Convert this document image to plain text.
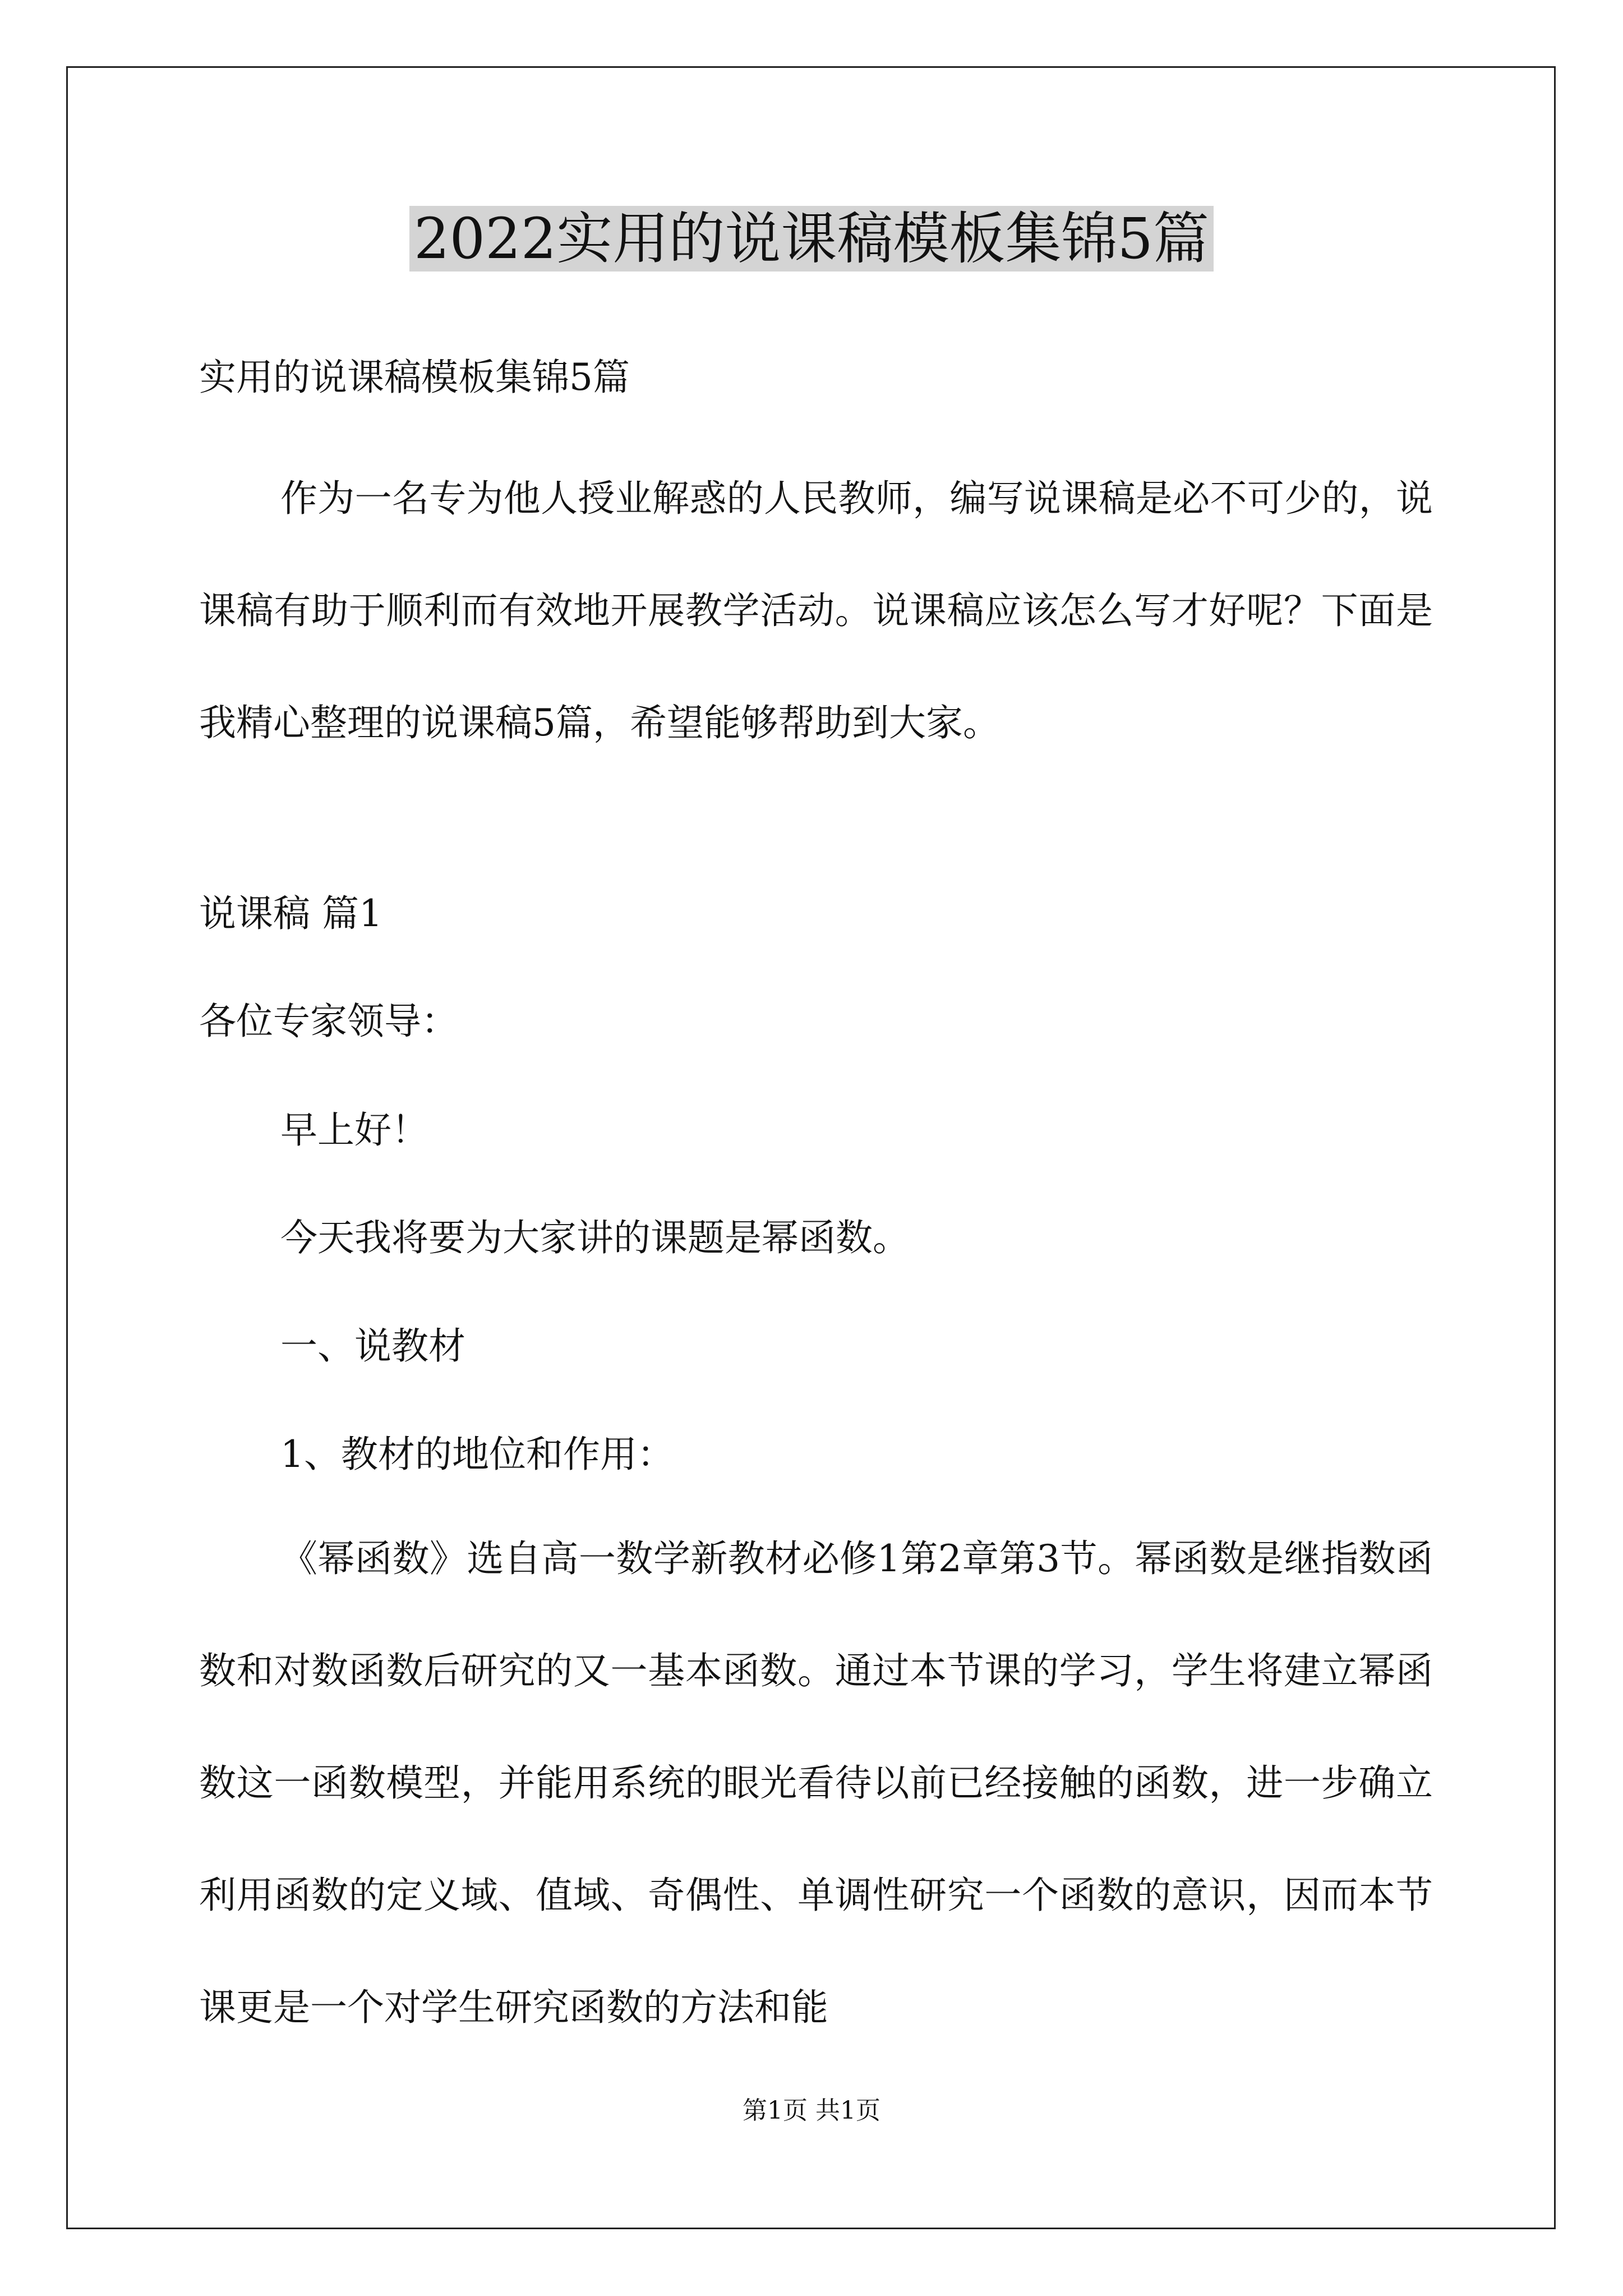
2022实用的说课稿模板集锦5篇
实用的说课稿模板集锦5篇
作为一名专为他人授业解惑的人民教师，编写说课稿是必不可少的，说课稿有助于顺利而有效地开展教学活动。说课稿应该怎么写才好呢？下面是我精心整理的说课稿5篇，希望能够帮助到大家。
说课稿 篇1
各位专家领导：
早上好！
今天我将要为大家讲的课题是幂函数。
一、说教材
1、教材的地位和作用：
《幂函数》选自高一数学新教材必修1第2章第3节。幂函数是继指数函数和对数函数后研究的又一基本函数。通过本节课的学习，学生将建立幂函数这一函数模型，并能用系统的眼光看待以前已经接触的函数，进一步确立利用函数的定义域、值域、奇偶性、单调性研究一个函数的意识，因而本节课更是一个对学生研究函数的方法和能
第1页 共1页
